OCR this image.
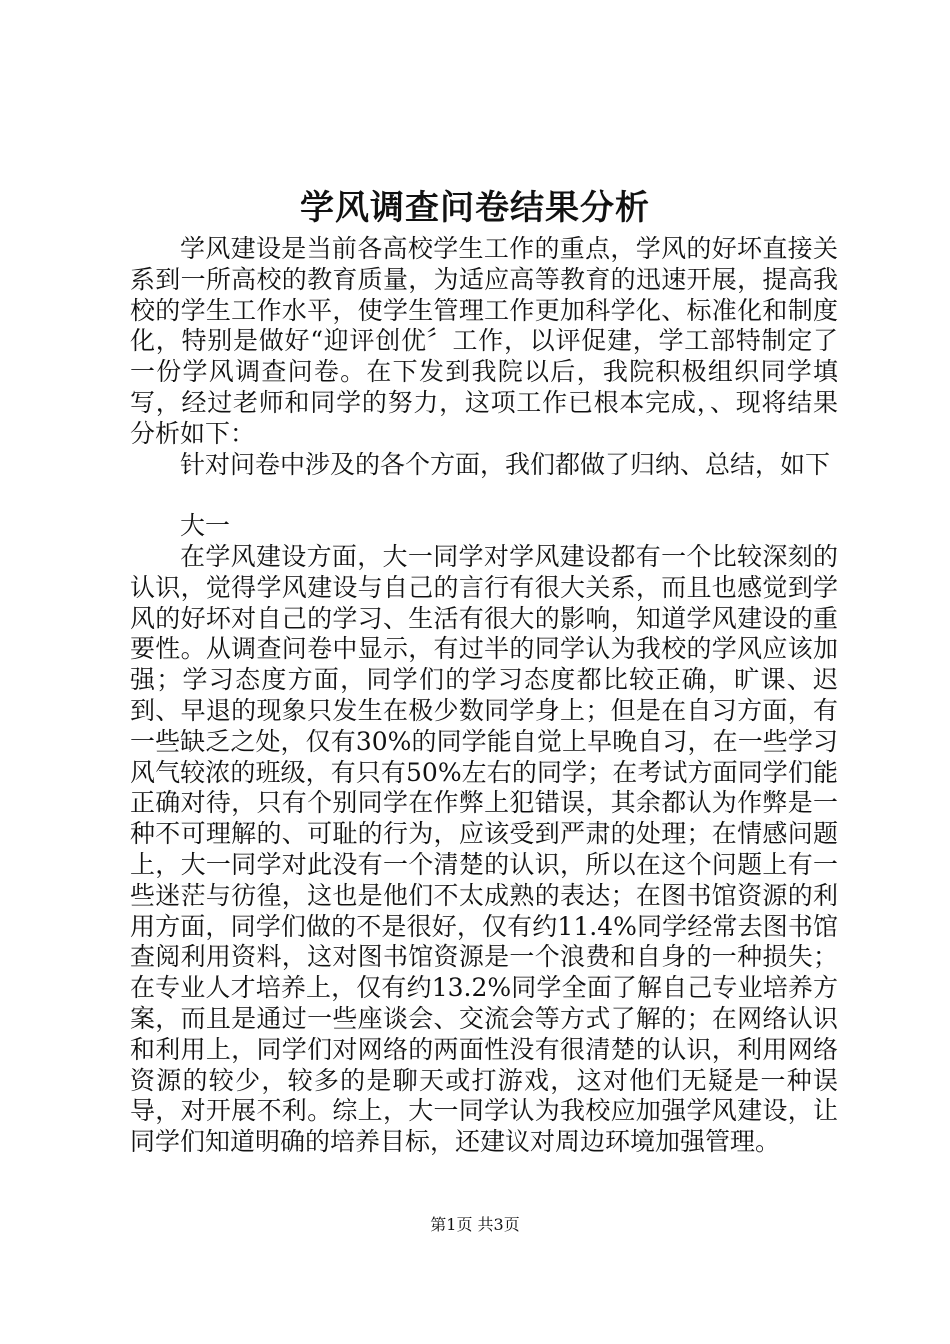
学风调查问卷结果分析

学风建设是当前各高校学生工作的重点，学风的好坏直接关系到一所高校的教育质量，为适应高等教育的迅速开展，提高我校的学生工作水平，使学生管理工作更加科学化、标准化和制度化，特别是做好“迎评创优〞工作，以评促建，学工部特制定了一份学风调查问卷。在下发到我院以后，我院积极组织同学填写，经过老师和同学的努力，这项工作已根本完成，、现将结果分析如下：

针对问卷中涉及的各个方面，我们都做了归纳、总结，如下

大一

在学风建设方面，大一同学对学风建设都有一个比较深刻的认识，觉得学风建设与自己的言行有很大关系，而且也感觉到学风的好坏对自己的学习、生活有很大的影响，知道学风建设的重要性。从调查问卷中显示，有过半的同学认为我校的学风应该加强；学习态度方面，同学们的学习态度都比较正确，旷课、迟到、早退的现象只发生在极少数同学身上；但是在自习方面，有一些缺乏之处，仅有30%的同学能自觉上早晚自习，在一些学习风气较浓的班级，有只有50%左右的同学；在考试方面同学们能正确对待，只有个别同学在作弊上犯错误，其余都认为作弊是一种不可理解的、可耻的行为，应该受到严肃的处理；在情感问题上，大一同学对此没有一个清楚的认识，所以在这个问题上有一些迷茫与彷徨，这也是他们不太成熟的表达；在图书馆资源的利用方面，同学们做的不是很好，仅有约11.4%同学经常去图书馆查阅利用资料，这对图书馆资源是一个浪费和自身的一种损失；在专业人才培养上，仅有约13.2%同学全面了解自己专业培养方案，而且是通过一些座谈会、交流会等方式了解的；在网络认识和利用上，同学们对网络的两面性没有很清楚的认识，利用网络资源的较少，较多的是聊天或打游戏，这对他们无疑是一种误导，对开展不利。综上，大一同学认为我校应加强学风建设，让同学们知道明确的培养目标，还建议对周边环境加强管理。

第1页 共3页
